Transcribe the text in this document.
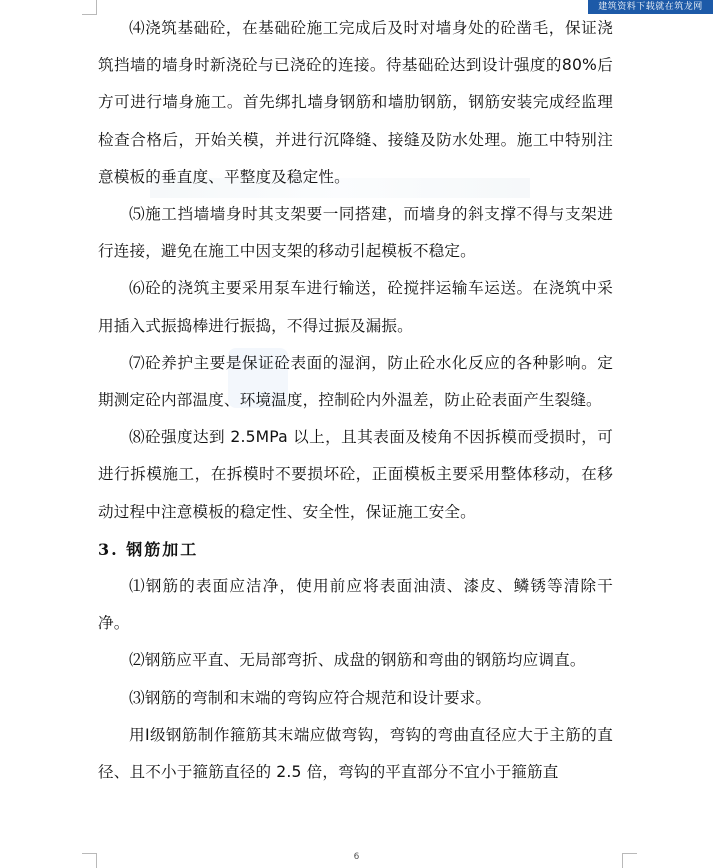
建筑资料下载就在筑龙网

⑷浇筑基础砼，在基础砼施工完成后及时对墙身处的砼凿毛，保证浇筑挡墙的墙身时新浇砼与已浇砼的连接。待基础砼达到设计强度的80%后方可进行墙身施工。首先绑扎墙身钢筋和墙肋钢筋，钢筋安装完成经监理检查合格后，开始关模，并进行沉降缝、接缝及防水处理。施工中特别注意模板的垂直度、平整度及稳定性。

⑸施工挡墙墙身时其支架要一同搭建，而墙身的斜支撑不得与支架进行连接，避免在施工中因支架的移动引起模板不稳定。

⑹砼的浇筑主要采用泵车进行输送，砼搅拌运输车运送。在浇筑中采用插入式振捣棒进行振捣，不得过振及漏振。

⑺砼养护主要是保证砼表面的湿润，防止砼水化反应的各种影响。定期测定砼内部温度、环境温度，控制砼内外温差，防止砼表面产生裂缝。

⑻砼强度达到 2.5MPa 以上，且其表面及棱角不因拆模而受损时，可进行拆模施工，在拆模时不要损坏砼，正面模板主要采用整体移动，在移动过程中注意模板的稳定性、安全性，保证施工安全。

3. 钢筋加工

⑴钢筋的表面应洁净，使用前应将表面油渍、漆皮、鳞锈等清除干净。

⑵钢筋应平直、无局部弯折、成盘的钢筋和弯曲的钢筋均应调直。

⑶钢筋的弯制和末端的弯钩应符合规范和设计要求。

用Ⅰ级钢筋制作箍筋其末端应做弯钩，弯钩的弯曲直径应大于主筋的直径、且不小于箍筋直径的 2.5 倍，弯钩的平直部分不宜小于箍筋直

6
